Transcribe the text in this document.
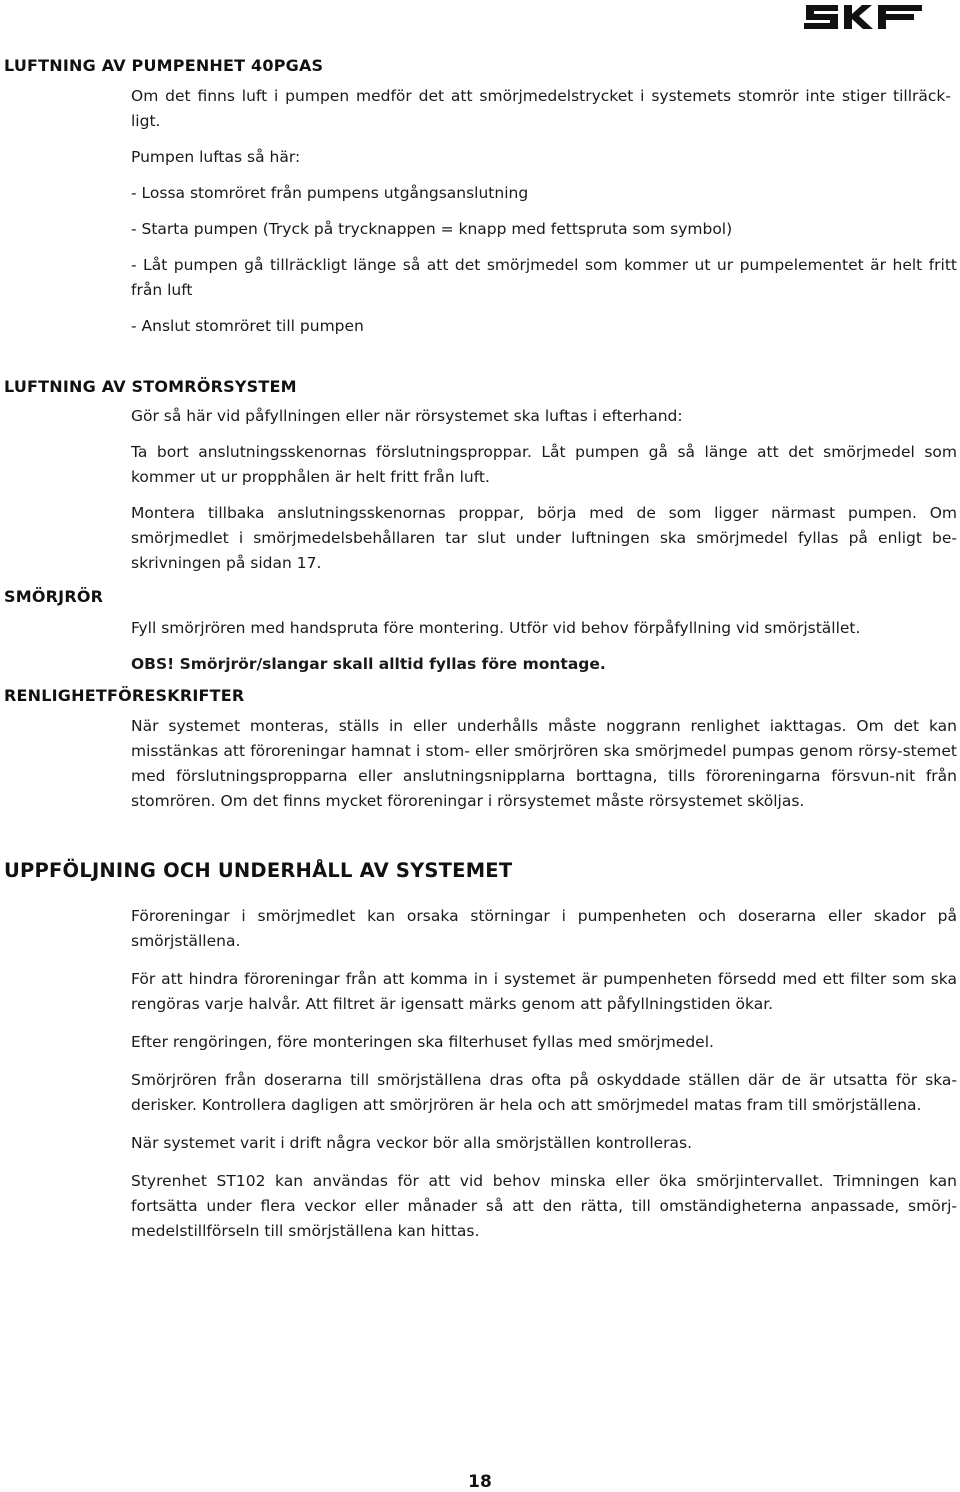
LUFTNING AV PUMPENHET 40PGAS

Om det finns luft i pumpen medför det att smörjmedelstrycket i systemets stomrör inte stiger tillräck-ligt.

Pumpen luftas så här:

- Lossa stomröret från pumpens utgångsanslutning

- Starta pumpen (Tryck på trycknappen = knapp med fettspruta som symbol)

- Låt pumpen gå tillräckligt länge så att det smörjmedel som kommer ut ur pumpelementet är helt fritt från luft

- Anslut stomröret till pumpen

LUFTNING AV STOMRÖRSYSTEM

Gör så här vid påfyllningen eller när rörsystemet ska luftas i efterhand:

Ta bort anslutningsskenornas förslutningsproppar. Låt pumpen gå så länge att det smörjmedel som kommer ut ur propphålen är helt fritt från luft.

Montera tillbaka anslutningsskenornas proppar, börja med de som ligger närmast pumpen. Om smörjmedlet i smörjmedelsbehållaren tar slut under luftningen ska smörjmedel fyllas på enligt be-skrivningen på sidan 17.

SMÖRJRÖR

Fyll smörjrören med handspruta före montering. Utför vid behov förpåfyllning vid smörjstället.

OBS! Smörjrör/slangar skall alltid fyllas före montage.

RENLIGHETFÖRESKRIFTER

När systemet monteras, ställs in eller underhålls måste noggrann renlighet iakttagas. Om det kan misstänkas att föroreningar hamnat i stom- eller smörjrören ska smörjmedel pumpas genom rörsy-stemet med förslutningspropparna eller anslutningsnipplarna borttagna, tills föroreningarna försvun-nit från stomrören. Om det finns mycket föroreningar i rörsystemet måste rörsystemet sköljas.

UPPFÖLJNING OCH UNDERHÅLL AV SYSTEMET

Föroreningar i smörjmedlet kan orsaka störningar i pumpenheten och doserarna eller skador på smörjställena.

För att hindra föroreningar från att komma in i systemet är pumpenheten försedd med ett filter som ska rengöras varje halvår. Att filtret är igensatt märks genom att påfyllningstiden ökar.

Efter rengöringen, före monteringen ska filterhuset fyllas med smörjmedel.

Smörjrören från doserarna till smörjställena dras ofta på oskyddade ställen där de är utsatta för ska-derisker. Kontrollera dagligen att smörjrören är hela och att smörjmedel matas fram till smörjställena.

När systemet varit i drift några veckor bör alla smörjställen kontrolleras.

Styrenhet ST102 kan användas för att vid behov minska eller öka smörjintervallet. Trimningen kan fortsätta under flera veckor eller månader så att den rätta, till omständigheterna anpassade, smörj-medelstillförseln till smörjställena kan hittas.

18
